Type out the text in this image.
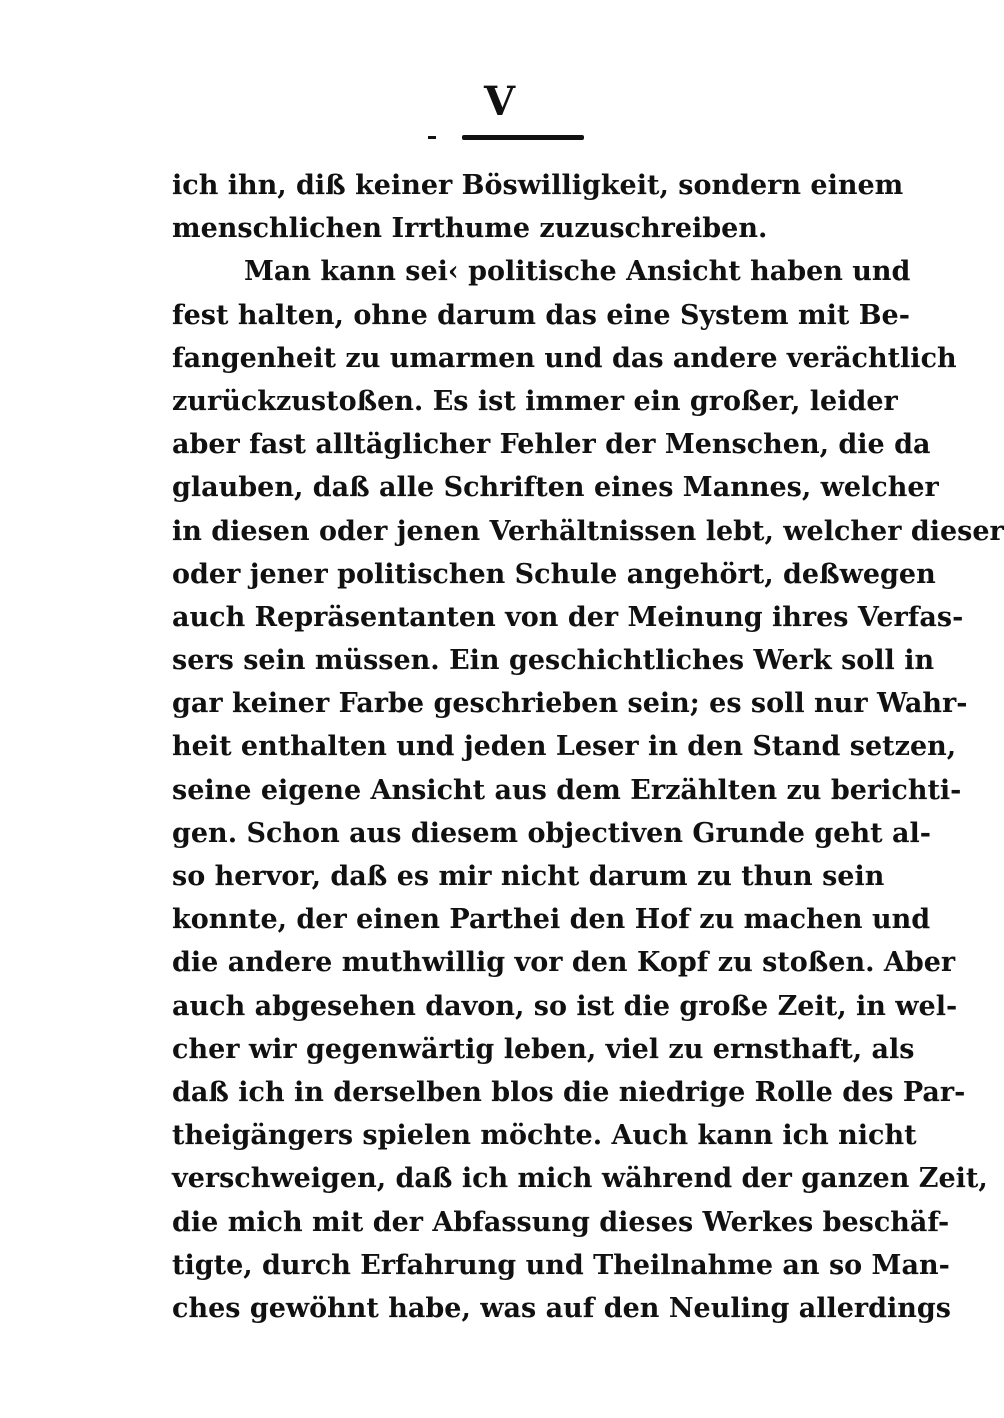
V
ich ihn, diß keiner Böswilligkeit, sondern einem
menschlichen Irrthume zuzuschreiben.
Man kann sei‹ politische Ansicht haben und
fest halten, ohne darum das eine System mit Be-
fangenheit zu umarmen und das andere verächtlich
zurückzustoßen. Es ist immer ein großer, leider
aber fast alltäglicher Fehler der Menschen, die da
glauben, daß alle Schriften eines Mannes, welcher
in diesen oder jenen Verhältnissen lebt, welcher dieser
oder jener politischen Schule angehört, deßwegen
auch Repräsentanten von der Meinung ihres Verfas-
sers sein müssen. Ein geschichtliches Werk soll in
gar keiner Farbe geschrieben sein; es soll nur Wahr-
heit enthalten und jeden Leser in den Stand setzen,
seine eigene Ansicht aus dem Erzählten zu berichti-
gen. Schon aus diesem objectiven Grunde geht al-
so hervor, daß es mir nicht darum zu thun sein
konnte, der einen Parthei den Hof zu machen und
die andere muthwillig vor den Kopf zu stoßen. Aber
auch abgesehen davon, so ist die große Zeit, in wel-
cher wir gegenwärtig leben, viel zu ernsthaft, als
daß ich in derselben blos die niedrige Rolle des Par-
theigängers spielen möchte. Auch kann ich nicht
verschweigen, daß ich mich während der ganzen Zeit,
die mich mit der Abfassung dieses Werkes beschäf-
tigte, durch Erfahrung und Theilnahme an so Man-
ches gewöhnt habe, was auf den Neuling allerdings
